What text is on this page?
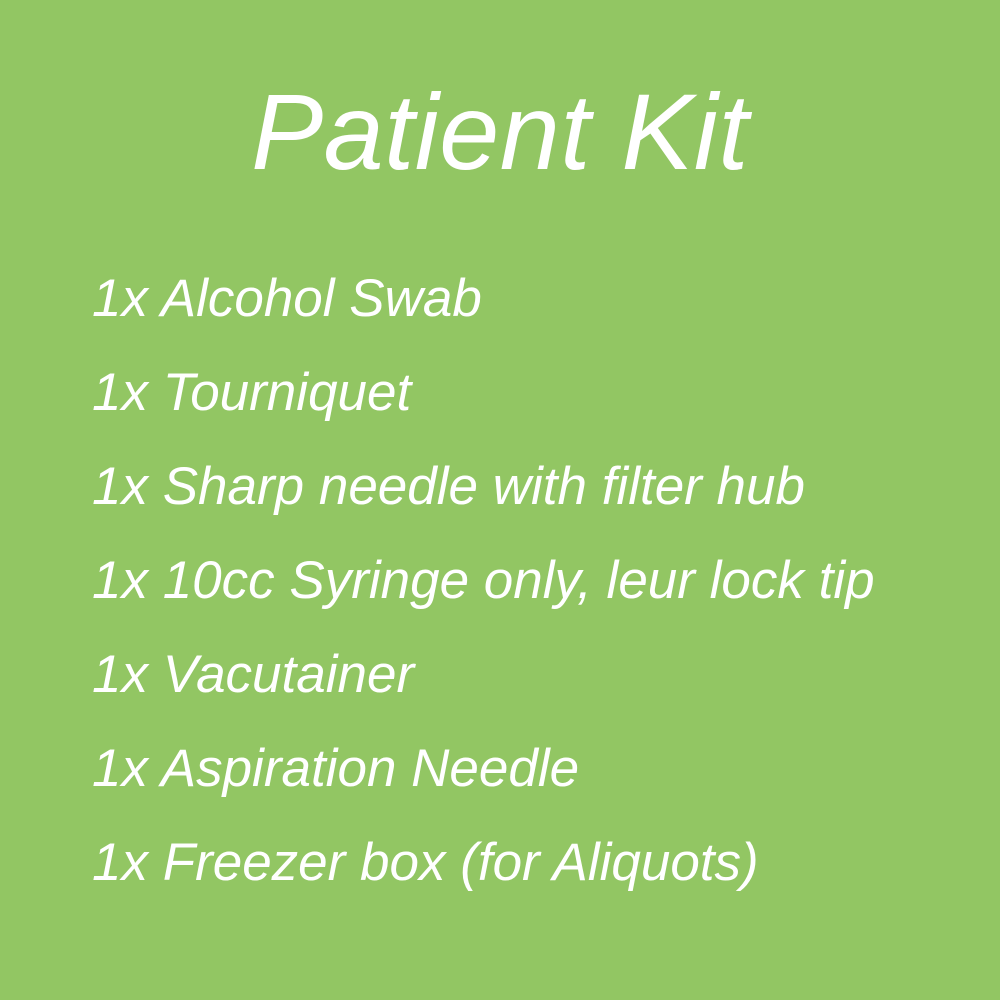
Patient Kit
1x Alcohol Swab
1x Tourniquet
1x Sharp needle with filter hub
1x 10cc Syringe only, leur lock tip
1x Vacutainer
1x Aspiration Needle
1x Freezer box (for Aliquots)
